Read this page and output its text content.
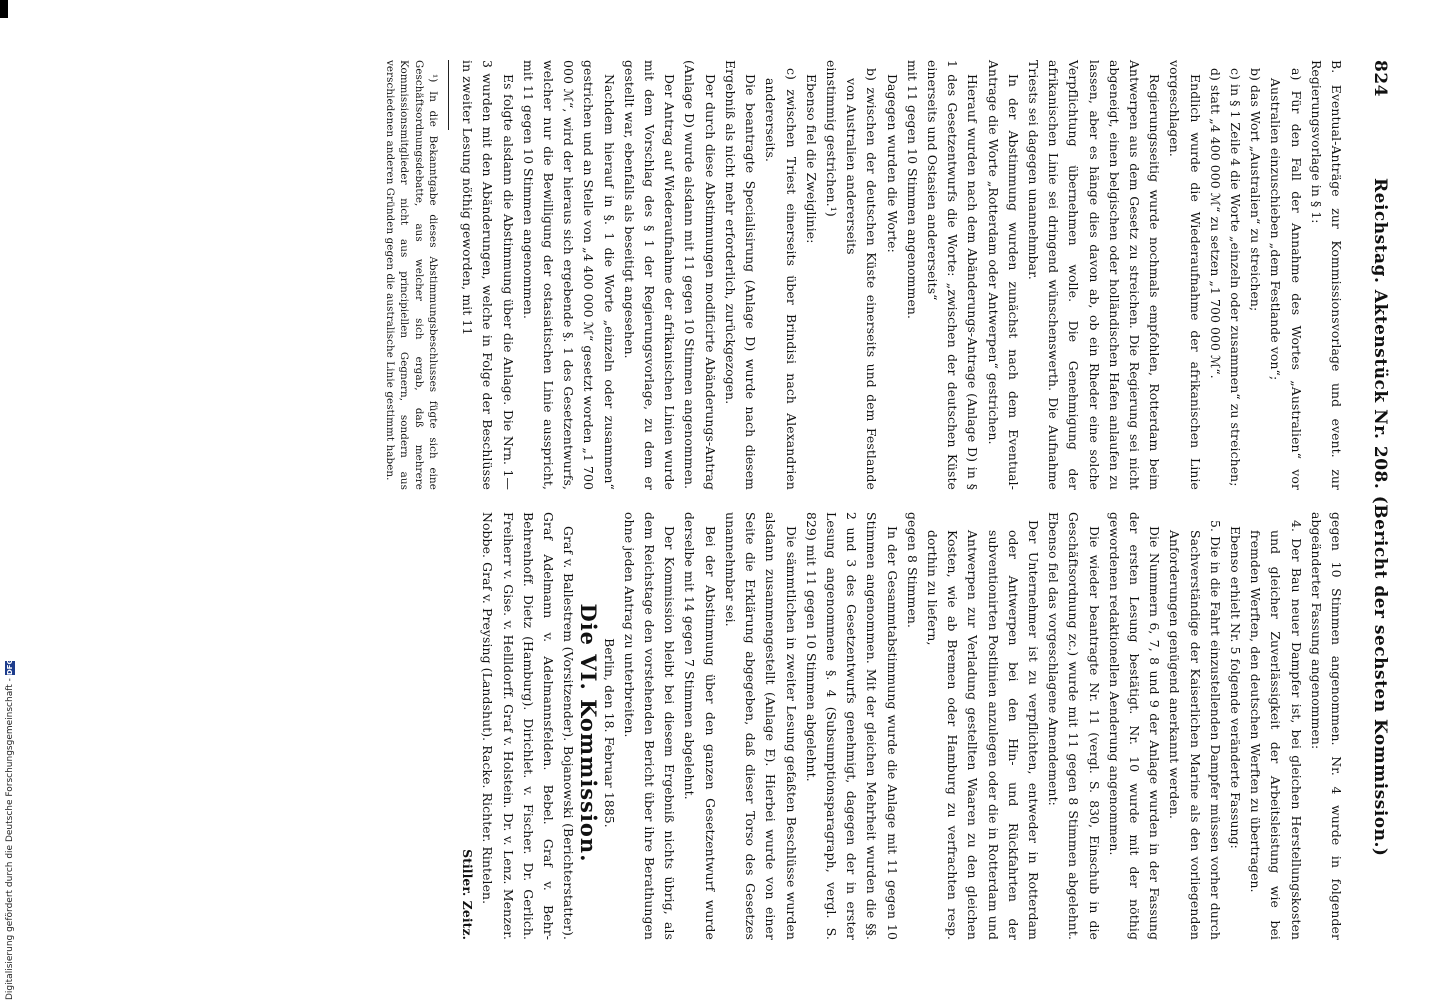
Digitalisierung gefördert durch die Deutsche Forschungsgemeinschaft -
DFG
824
Reichstag. Aktenstück Nr. 208. (Bericht der sechsten Kommission.)

B. Eventual-Anträge zur Kommissionsvorlage und event. zur Regierungsvorlage in § 1:

a) Für den Fall der Annahme des Wortes „Australien“ vor Australien einzuschieben „dem Festlande von“;

b) das Wort „Australien“ zu streichen;

c) in § 1 Zeile 4 die Worte „einzeln oder zusammen“ zu streichen;

d) statt „4 400 000 ℳ“ zu setzen „1 700 000 ℳ“.

Endlich wurde die Wiederaufnahme der afrikanischen Linie vorgeschlagen.

Regierungsseitig wurde nochmals empfohlen, Rotterdam beim Antwerpen aus dem Gesetz zu streichen. Die Regierung sei nicht abgeneigt, einen belgischen oder holländischen Hafen anlaufen zu lassen, aber es hänge dies davon ab, ob ein Rheder eine solche Verpflichtung übernehmen wolle. Die Genehmigung der afrikanischen Linie sei dringend wünschenswerth. Die Aufnahme Triests sei dagegen unannehmbar.

In der Abstimmung wurden zunächst nach dem Eventual-Antrage die Worte „Rotterdam oder Antwerpen“ gestrichen.

Hierauf wurden nach dem Abänderungs-Antrage (Anlage D) in § 1 des Gesetzentwurfs die Worte: „zwischen der deutschen Küste einerseits und Ostasien andererseits“

mit 11 gegen 10 Stimmen angenommen.

Dagegen wurden die Worte:

b) zwischen der deutschen Küste einerseits und dem Festlande von Australien andererseits

einstimmig gestrichen.¹)

Ebenso fiel die Zweiglinie:

c) zwischen Triest einerseits über Brindisi nach Alexandrien andererseits.

Die beantragte Specialisirung (Anlage D) wurde nach diesem Ergebniß als nicht mehr erforderlich, zurückgezogen.

Der durch diese Abstimmungen modificirte Abänderungs-Antrag (Anlage D) wurde alsdann mit 11 gegen 10 Stimmen angenommen.

Der Antrag auf Wiederaufnahme der afrikanischen Linien wurde mit dem Vorschlag des § 1 der Regierungsvorlage, zu dem er gestellt war, ebenfalls als beseitigt angesehen.

Nachdem hierauf in §. 1 die Worte „einzeln oder zusammen“ gestrichen und an Stelle von „4 400 000 ℳ“ gesetzt worden „1 700 000 ℳ“, wird der hieraus sich ergebende §. 1 des Gesetzentwurfs, welcher nur die Bewilligung der ostasiatischen Linie ausspricht, mit 11 gegen 10 Stimmen angenommen.

Es folgte alsdann die Abstimmung über die Anlage. Die Nrn. 1—3 wurden mit den Abänderungen, welche in Folge der Beschlüsse in zweiter Lesung nöthig geworden, mit 11

¹) In die Bekanntgabe dieses Abstimmungsbeschlusses fügte sich eine Geschäftsordnungsdebatte, aus welcher sich ergab, daß mehrere Kommissionsmitglieder nicht aus principiellen Gegnern, sondern aus verschiedenen anderen Gründen gegen die australische Linie gestimmt haben.

gegen 10 Stimmen angenommen. Nr. 4 wurde in folgender abgeänderter Fassung angenommen:

4. Der Bau neuer Dampfer ist, bei gleichen Herstellungskosten und gleicher Zuverlässigkeit der Arbeitsleistung wie bei fremden Werften, den deutschen Werften zu übertragen.

Ebenso erhielt Nr. 5 folgende veränderte Fassung:

5. Die in die Fahrt einzustellenden Dampfer müssen vorher durch Sachverständige der Kaiserlichen Marine als den vorliegenden Anforderungen genügend anerkannt werden.

Die Nummern 6, 7, 8 und 9 der Anlage wurden in der Fassung der ersten Lesung bestätigt. Nr. 10 wurde mit der nöthig gewordenen redaktionellen Aenderung angenommen.

Die wieder beantragte Nr. 11 (vergl. S. 830, Einschub in die Geschäftsordnung zc.) wurde mit 11 gegen 8 Stimmen abgelehnt. Ebenso fiel das vorgeschlagene Amendement:

Der Unternehmer ist zu verpflichten, entweder in Rotterdam oder Antwerpen bei den Hin- und Rückfahrten der subventionirten Postlinien anzulegen oder die in Rotterdam und Antwerpen zur Verladung gestellten Waaren zu den gleichen Kosten, wie ab Bremen oder Hamburg zu verfrachten resp. dorthin zu liefern,

gegen 8 Stimmen.

In der Gesammtabstimmung wurde die Anlage mit 11 gegen 10 Stimmen angenommen. Mit der gleichen Mehrheit wurden die §§. 2 und 3 des Gesetzentwurfs genehmigt, dagegen der in erster Lesung angenommene §. 4 (Subsumptionsparagraph, vergl. S. 829) mit 11 gegen 10 Stimmen abgelehnt.

Die sämmtlichen in zweiter Lesung gefaßten Beschlüsse wurden alsdann zusammengestellt (Anlage E). Hierbei wurde von einer Seite die Erklärung abgegeben, daß dieser Torso des Gesetzes unannehmbar sei.

Bei der Abstimmung über den ganzen Gesetzentwurf wurde derselbe mit 14 gegen 7 Stimmen abgelehnt.

Der Kommission bleibt bei diesem Ergebniß nichts übrig, als dem Reichstage den vorstehenden Bericht über ihre Berathungen ohne jeden Antrag zu unterbreiten.

Berlin, den 18. Februar 1885.

Die VI. Kommission.

Graf v. Ballestrem (Vorsitzender). Bojanowski (Berichterstatter). Graf Adelmann v. Adelmannsfelden. Bebel. Graf v. Behr-Behrenhoff. Dietz (Hamburg). Dirichlet. v. Fischer. Dr. Gerlich. Freiherr v. Gise. v. Hellldorff. Graf v. Holstein. Dr. v. Lenz. Menzer. Nobbe. Graf v. Preysing (Landshut). Racke. Richter. Rintelen.

Stiller. Zeitz.
